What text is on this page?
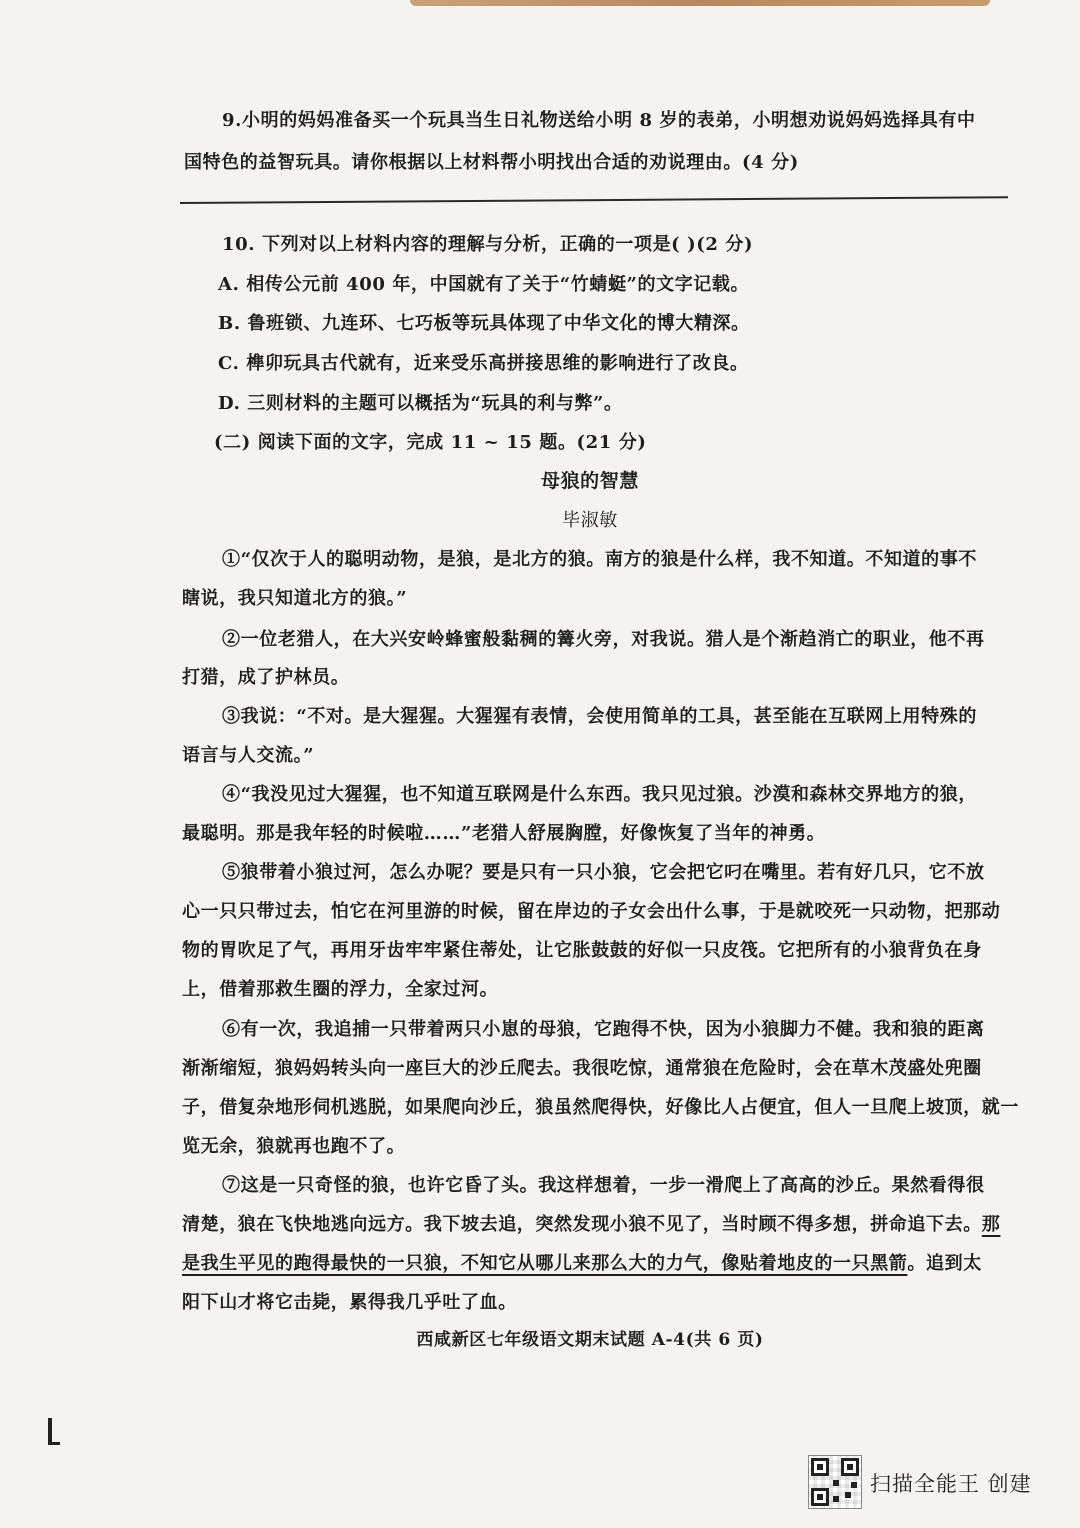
9.小明的妈妈准备买一个玩具当生日礼物送给小明 8 岁的表弟，小明想劝说妈妈选择具有中
国特色的益智玩具。请你根据以上材料帮小明找出合适的劝说理由。(4 分)
10. 下列对以上材料内容的理解与分析，正确的一项是( )(2 分)
A. 相传公元前 400 年，中国就有了关于“竹蜻蜓”的文字记载。
B. 鲁班锁、九连环、七巧板等玩具体现了中华文化的博大精深。
C. 榫卯玩具古代就有，近来受乐高拼接思维的影响进行了改良。
D. 三则材料的主题可以概括为“玩具的利与弊”。
(二) 阅读下面的文字，完成 11 ~ 15 题。(21 分)
母狼的智慧
毕淑敏
①“仅次于人的聪明动物，是狼，是北方的狼。南方的狼是什么样，我不知道。不知道的事不
瞎说，我只知道北方的狼。”
②一位老猎人，在大兴安岭蜂蜜般黏稠的篝火旁，对我说。猎人是个渐趋消亡的职业，他不再
打猎，成了护林员。
③我说：“不对。是大猩猩。大猩猩有表情，会使用简单的工具，甚至能在互联网上用特殊的
语言与人交流。”
④“我没见过大猩猩，也不知道互联网是什么东西。我只见过狼。沙漠和森林交界地方的狼，
最聪明。那是我年轻的时候啦……”老猎人舒展胸膛，好像恢复了当年的神勇。
⑤狼带着小狼过河，怎么办呢？要是只有一只小狼，它会把它叼在嘴里。若有好几只，它不放
心一只只带过去，怕它在河里游的时候，留在岸边的子女会出什么事，于是就咬死一只动物，把那动
物的胃吹足了气，再用牙齿牢牢紧住蒂处，让它胀鼓鼓的好似一只皮筏。它把所有的小狼背负在身
上，借着那救生圈的浮力，全家过河。
⑥有一次，我追捕一只带着两只小崽的母狼，它跑得不快，因为小狼脚力不健。我和狼的距离
渐渐缩短，狼妈妈转头向一座巨大的沙丘爬去。我很吃惊，通常狼在危险时，会在草木茂盛处兜圈
子，借复杂地形伺机逃脱，如果爬向沙丘，狼虽然爬得快，好像比人占便宜，但人一旦爬上坡顶，就一
览无余，狼就再也跑不了。
⑦这是一只奇怪的狼，也许它昏了头。我这样想着，一步一滑爬上了高高的沙丘。果然看得很
清楚，狼在飞快地逃向远方。我下坡去追，突然发现小狼不见了，当时顾不得多想，拼命追下去。那
是我生平见的跑得最快的一只狼，不知它从哪儿来那么大的力气，像贴着地皮的一只黑箭。追到太
阳下山才将它击毙，累得我几乎吐了血。
西咸新区七年级语文期末试题 A-4(共 6 页)
扫描全能王 创建
